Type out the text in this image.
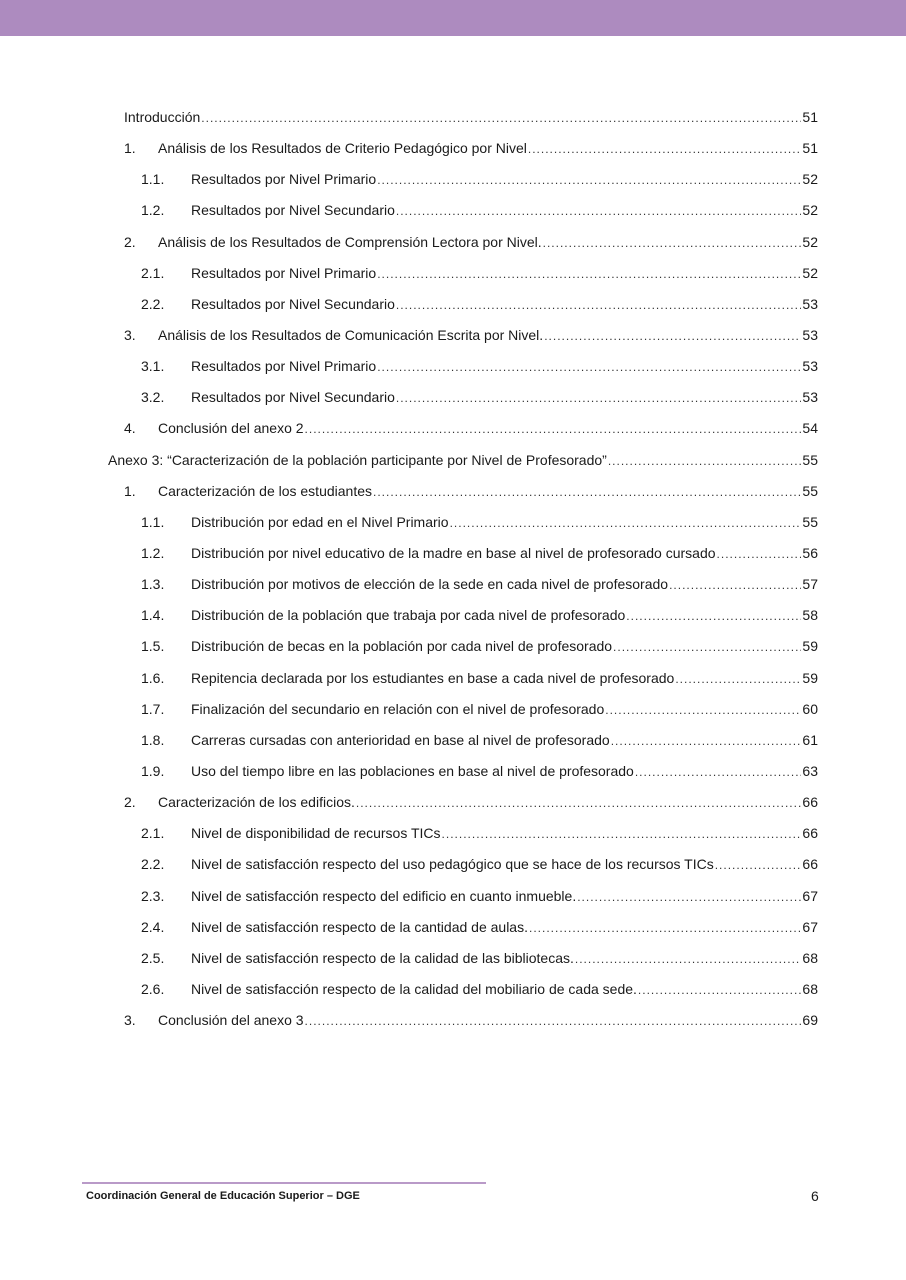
Introducción .....	51
1.	Análisis de los Resultados de Criterio Pedagógico por Nivel .....	51
1.1.	Resultados por Nivel Primario .....	52
1.2.	Resultados por Nivel Secundario .....	52
2.	Análisis de los Resultados de Comprensión Lectora por Nivel. .....	52
2.1.	Resultados por Nivel Primario .....	52
2.2.	Resultados por Nivel Secundario .....	53
3.	Análisis de los Resultados de Comunicación Escrita por Nivel. .....	53
3.1.	Resultados por Nivel Primario .....	53
3.2.	Resultados por Nivel Secundario .....	53
4.	Conclusión del anexo 2 .....	54
Anexo 3: “Caracterización de la población participante por Nivel de Profesorado” .....	55
1.	Caracterización de los estudiantes .....	55
1.1.	Distribución por edad en el Nivel Primario .....	55
1.2.	Distribución por nivel educativo de la madre en base al nivel de profesorado cursado .....	56
1.3.	Distribución por motivos de elección de la sede en cada nivel de profesorado .....	57
1.4.	Distribución de la población que trabaja por cada nivel de profesorado .....	58
1.5.	Distribución de becas en la población por cada nivel de profesorado .....	59
1.6.	Repitencia declarada por los estudiantes en base a cada nivel de profesorado .....	59
1.7.	Finalización del secundario en relación con el nivel de profesorado .....	60
1.8.	Carreras cursadas con anterioridad en base al nivel de profesorado .....	61
1.9.	Uso del tiempo libre en las poblaciones en base al nivel de profesorado .....	63
2.	Caracterización de los edificios. .....	66
2.1.	Nivel de disponibilidad de recursos TICs .....	66
2.2.	Nivel de satisfacción respecto del uso pedagógico que se hace de los recursos TICs .....	66
2.3.	Nivel de satisfacción respecto del edificio en cuanto inmueble. .....	67
2.4.	Nivel de satisfacción respecto de la cantidad de aulas. .....	67
2.5.	Nivel de satisfacción respecto de la calidad de las bibliotecas. .....	68
2.6.	Nivel de satisfacción respecto de la calidad del mobiliario de cada sede. .....	68
3.	Conclusión del anexo 3 .....	69
Coordinación General de Educación Superior – DGE	6
